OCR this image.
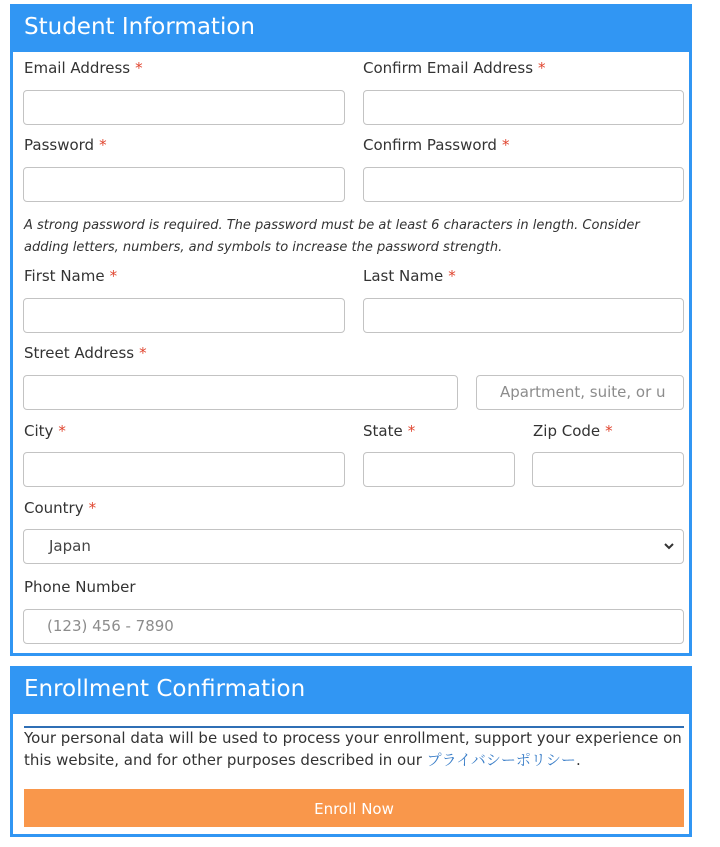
Student Information
Email Address *	Confirm Email Address *
Password *	Confirm Password *
A strong password is required. The password must be at least 6 characters in length. Consider adding letters, numbers, and symbols to increase the password strength.
First Name *	Last Name *
Street Address *
Apartment, suite, or u
City *	State *	Zip Code *
Country *
Japan
Phone Number
(123) 456 - 7890
Enrollment Confirmation
Your personal data will be used to process your enrollment, support your experience on this website, and for other purposes described in our プライバシーポリシー.
Enroll Now
